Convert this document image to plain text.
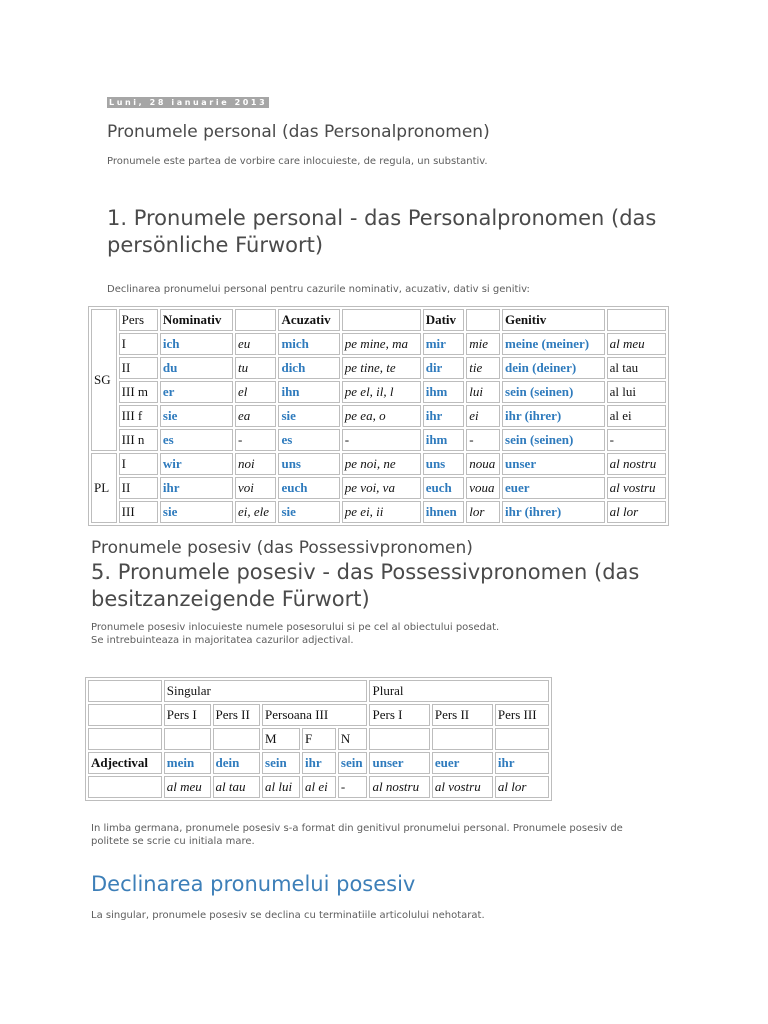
Luni, 28 ianuarie 2013
Pronumele personal (das Personalpronomen)
Pronumele este partea de vorbire care inlocuieste, de regula, un substantiv.
1. Pronumele personal - das Personalpronomen (das persönliche Fürwort)
Declinarea pronumelui personal pentru cazurile nominativ, acuzativ, dativ si genitiv:
SG	Pers	Nominativ		Acuzativ		Dativ		Genitiv	
	I	ich	eu	mich	pe mine, ma	mir	mie	meine (meiner)	al meu
	II	du	tu	dich	pe tine, te	dir	tie	dein (deiner)	al tau
	III m	er	el	ihn	pe el, il, l	ihm	lui	sein (seinen)	al lui
	III f	sie	ea	sie	pe ea, o	ihr	ei	ihr (ihrer)	al ei
	III n	es	-	es	-	ihm	-	sein (seinen)	-
PL	I	wir	noi	uns	pe noi, ne	uns	noua	unser	al nostru
	II	ihr	voi	euch	pe voi, va	euch	voua	euer	al vostru
	III	sie	ei, ele	sie	pe ei, ii	ihnen	lor	ihr (ihrer)	al lor
Pronumele posesiv (das Possessivpronomen)
5. Pronumele posesiv - das Possessivpronomen (das besitzanzeigende Fürwort)
Pronumele posesiv inlocuieste numele posesorului si pe cel al obiectului posedat.
Se intrebuinteaza in majoritatea cazurilor adjectival.
	Singular					Plural		
	Pers I	Pers II	Persoana III			Pers I	Pers II	Pers III
			M	F	N			
Adjectival	mein	dein	sein	ihr	sein	unser	euer	ihr
	al meu	al tau	al lui	al ei	-	al nostru	al vostru	al lor
In limba germana, pronumele posesiv s-a format din genitivul pronumelui personal. Pronumele posesiv de politete se scrie cu initiala mare.
Declinarea pronumelui posesiv
La singular, pronumele posesiv se declina cu terminatiile articolului nehotarat.
